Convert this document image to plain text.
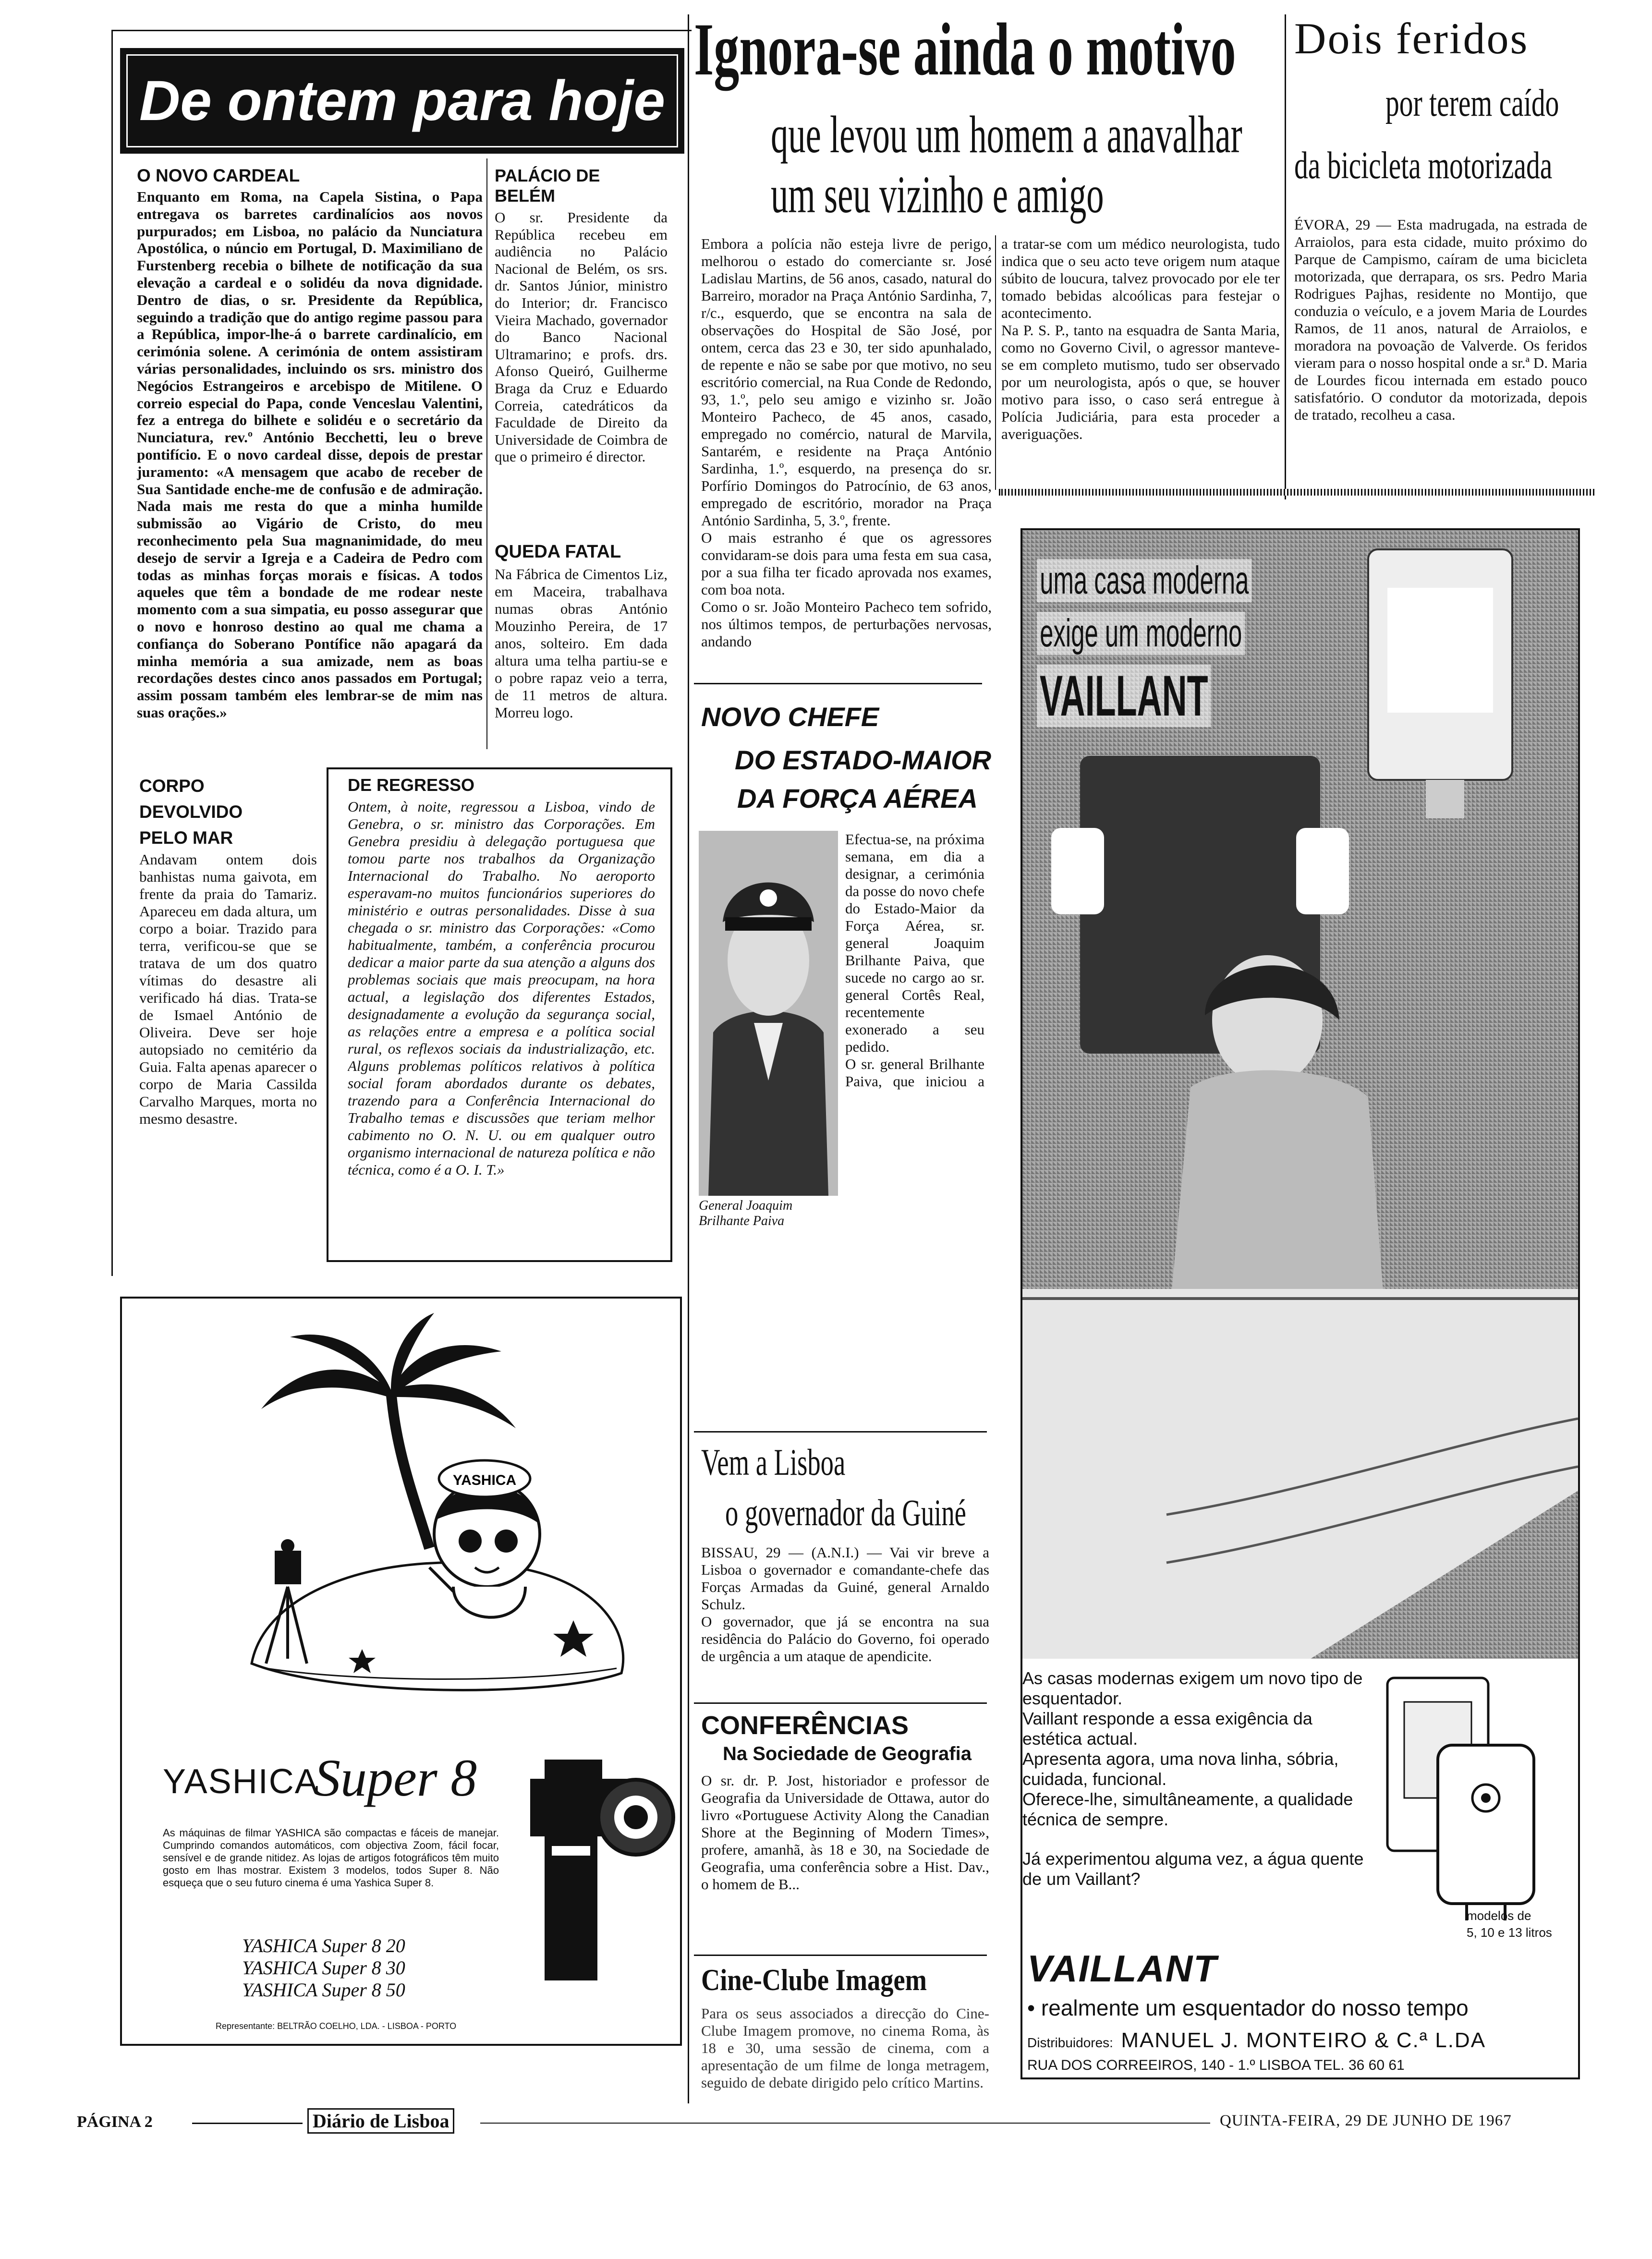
De ontem para hoje
O NOVO CARDEAL
Enquanto em Roma, na Capela Sistina, o Papa entregava os barretes cardinalícios aos novos purpurados; em Lisboa, no palácio da Nunciatura Apostólica, o núncio em Portugal, D. Maximiliano de Furstenberg recebia o bilhete de notificação da sua elevação a cardeal e o solidéu da nova dignidade. Dentro de dias, o sr. Presidente da República, seguindo a tradição que do antigo regime passou para a República, impor-lhe-á o barrete cardinalício, em cerimónia solene. A cerimónia de ontem assistiram várias personalidades, incluindo os srs. ministro dos Negócios Estrangeiros e arcebispo de Mitilene. O correio especial do Papa, conde Venceslau Valentini, fez a entrega do bilhete e solidéu e o secretário da Nunciatura, rev.º António Becchetti, leu o breve pontifício. E o novo cardeal disse, depois de prestar juramento: «A mensagem que acabo de receber de Sua Santidade enche-me de confusão e de admiração. Nada mais me resta do que a minha humilde submissão ao Vigário de Cristo, do meu reconhecimento pela Sua magnanimidade, do meu desejo de servir a Igreja e a Cadeira de Pedro com todas as minhas forças morais e físicas. A todos aqueles que têm a bondade de me rodear neste momento com a sua simpatia, eu posso assegurar que o novo e honroso destino ao qual me chama a confiança do Soberano Pontífice não apagará da minha memória a sua amizade, nem as boas recordações destes cinco anos passados em Portugal; assim possam também eles lembrar-se de mim nas suas orações.»
PALÁCIO DE BELÉM
O sr. Presidente da República recebeu em audiência no Palácio Nacional de Belém, os srs. dr. Santos Júnior, ministro do Interior; dr. Francisco Vieira Machado, governador do Banco Nacional Ultramarino; e profs. drs. Afonso Queiró, Guilherme Braga da Cruz e Eduardo Correia, catedráticos da Faculdade de Direito da Universidade de Coimbra de que o primeiro é director.
QUEDA FATAL
Na Fábrica de Cimentos Liz, em Maceira, trabalhava numas obras António Mouzinho Pereira, de 17 anos, solteiro. Em dada altura uma telha partiu-se e o pobre rapaz veio a terra, de 11 metros de altura. Morreu logo.
CORPO DEVOLVIDO PELO MAR
Andavam ontem dois banhistas numa gaivota, em frente da praia do Tamariz. Apareceu em dada altura, um corpo a boiar. Trazido para terra, verificou-se que se tratava de um dos quatro vítimas do desastre ali verificado há dias. Trata-se de Ismael António de Oliveira. Deve ser hoje autopsiado no cemitério da Guia. Falta apenas aparecer o corpo de Maria Cassilda Carvalho Marques, morta no mesmo desastre.
DE REGRESSO
Ontem, à noite, regressou a Lisboa, vindo de Genebra, o sr. ministro das Corporações. Em Genebra presidiu à delegação portuguesa que tomou parte nos trabalhos da Organização Internacional do Trabalho. No aeroporto esperavam-no muitos funcionários superiores do ministério e outras personalidades. Disse à sua chegada o sr. ministro das Corporações: «Como habitualmente, também, a conferência procurou dedicar a maior parte da sua atenção a alguns dos problemas sociais que mais preocupam, na hora actual, a legislação dos diferentes Estados, designadamente a evolução da segurança social, as relações entre a empresa e a política social rural, os reflexos sociais da industrialização, etc. Alguns problemas políticos relativos à política social foram abordados durante os debates, trazendo para a Conferência Internacional do Trabalho temas e discussões que teriam melhor cabimento no O. N. U. ou em qualquer outro organismo internacional de natureza política e não técnica, como é a O. I. T.»
YASHICA
YASHICA
Super 8
As máquinas de filmar YASHICA são compactas e fáceis de manejar. Cumprindo comandos automáticos, com objectiva Zoom, fácil focar, sensível e de grande nitidez. As lojas de artigos fotográficos têm muito gosto em lhas mostrar. Existem 3 modelos, todos Super 8. Não esqueça que o seu futuro cinema é uma Yashica Super 8.
YASHICA Super 8 20
YASHICA Super 8 30
YASHICA Super 8 50
Representante: BELTRÃO COELHO, LDA. - LISBOA - PORTO
Ignora-se ainda o motivo
que levou um homem a anavalhar
um seu vizinho e amigo
Embora a polícia não esteja livre de perigo, melhorou o estado do comerciante sr. José Ladislau Martins, de 56 anos, casado, natural do Barreiro, morador na Praça António Sardinha, 7, r/c., esquerdo, que se encontra na sala de observações do Hospital de São José, por ontem, cerca das 23 e 30, ter sido apunhalado, de repente e não se sabe por que motivo, no seu escritório comercial, na Rua Conde de Redondo, 93, 1.º, pelo seu amigo e vizinho sr. João Monteiro Pacheco, de 45 anos, casado, empregado no comércio, natural de Marvila, Santarém, e residente na Praça António Sardinha, 1.º, esquerdo, na presença do sr. Porfírio Domingos do Patrocínio, de 63 anos, empregado de escritório, morador na Praça António Sardinha, 5, 3.º, frente.
O mais estranho é que os agressores convidaram-se dois para uma festa em sua casa, por a sua filha ter ficado aprovada nos exames, com boa nota.
Como o sr. João Monteiro Pacheco tem sofrido, nos últimos tempos, de perturbações nervosas, andando
a tratar-se com um médico neurologista, tudo indica que o seu acto teve origem num ataque súbito de loucura, talvez provocado por ele ter tomado bebidas alcoólicas para festejar o acontecimento.
Na P. S. P., tanto na esquadra de Santa Maria, como no Governo Civil, o agressor manteve-se em completo mutismo, tudo ser observado por um neurologista, após o que, se houver motivo para isso, o caso será entregue à Polícia Judiciária, para esta proceder a averiguações.
NOVO CHEFE
DO ESTADO-MAIOR
DA FORÇA AÉREA
General Joaquim Brilhante Paiva
Efectua-se, na próxima semana, em dia a designar, a cerimónia da posse do novo chefe do Estado-Maior da Força Aérea, sr. general Joaquim Brilhante Paiva, que sucede no cargo ao sr. general Cortês Real, recentemente exonerado a seu pedido.
O sr. general Brilhante Paiva, que iniciou a

Vem a Lisboa
o governador da Guiné
BISSAU, 29 — (A.N.I.) — Vai vir breve a Lisboa o governador e comandante-chefe das Forças Armadas da Guiné, general Arnaldo Schulz.
O governador, que já se encontra na sua residência do Palácio do Governo, foi operado de urgência a um ataque de apendicite.
CONFERÊNCIAS
Na Sociedade de Geografia
O sr. dr. P. Jost, historiador e professor de Geografia da Universidade de Ottawa, autor do livro «Portuguese Activity Along the Canadian Shore at the Beginning of Modern Times», profere, amanhã, às 18 e 30, na Sociedade de Geografia, uma conferência sobre a Hist. Dav., o homem de B...
Cine-Clube Imagem
Para os seus associados a direcção do Cine-Clube Imagem promove, no cinema Roma, às 18 e 30, uma sessão de cinema, com a apresentação de um filme de longa metragem, seguido de debate dirigido pelo crítico Martins.
Dois feridos
por terem caído
da bicicleta motorizada
ÉVORA, 29 — Esta madrugada, na estrada de Arraiolos, para esta cidade, muito próximo do Parque de Campismo, caíram de uma bicicleta motorizada, que derrapara, os srs. Pedro Maria Rodrigues Pajhas, residente no Montijo, que conduzia o veículo, e a jovem Maria de Lourdes Ramos, de 11 anos, natural de Arraiolos, e moradora na povoação de Valverde. Os feridos vieram para o nosso hospital onde a sr.ª D. Maria de Lourdes ficou internada em estado pouco satisfatório. O condutor da motorizada, depois de tratado, recolheu a casa.
uma casa moderna
exige um moderno
VAILLANT
As casas modernas exigem um novo tipo de esquentador.
Vaillant responde a essa exigência da estética actual.
Apresenta agora, uma nova linha, sóbria, cuidada, funcional.
Oferece-lhe, simultâneamente, a qualidade técnica de sempre.
Já experimentou alguma vez, a água quente de um Vaillant?
modelos de
5, 10 e 13 litros
VAILLANT
• realmente um esquentador do nosso tempo
Distribuidores: MANUEL J. MONTEIRO & C.ª L.DA
RUA DOS CORREEIROS, 140 - 1.º LISBOA TEL. 36 60 61
PÁGINA 2	Diário de Lisboa	QUINTA-FEIRA, 29 DE JUNHO DE 1967
